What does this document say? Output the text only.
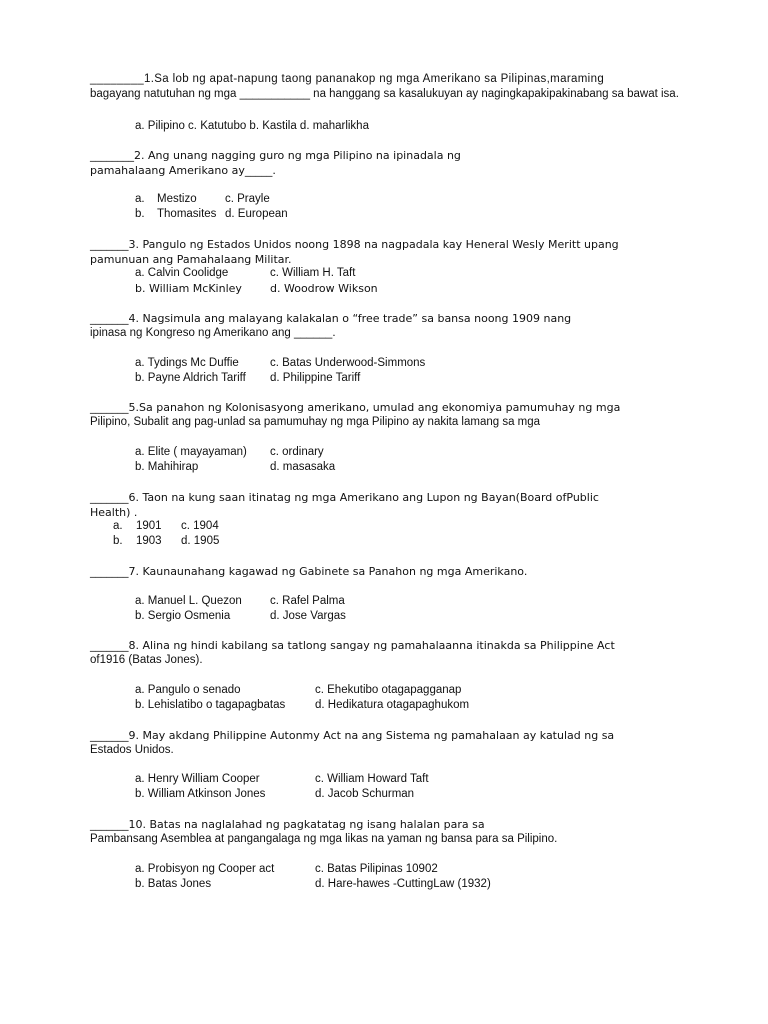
________1.Sa lob ng apat-napung taong pananakop ng mga Amerikano sa Pilipinas,maraming
bagayang natutuhan ng mga ___________ na hanggang sa kasalukuyan ay nagingkapakipakinabang sa bawat isa.
a. Pilipino c. Katutubo b. Kastila d. maharlikha
________2. Ang unang nagging guro ng mga Pilipino na ipinadala ng
pamahalaang Amerikano ay_____.
a.	Mestizo	c. Prayle
b.	Thomasites d. European
_______3. Pangulo ng Estados Unidos noong 1898 na nagpadala kay Heneral Wesly Meritt upang
pamunuan ang Pamahalaang Militar.
a. Calvin Coolidge	c. William H. Taft
b. William McKinley	d. Woodrow Wikson
_______4. Nagsimula ang malayang kalakalan o “free trade” sa bansa noong 1909 nang
ipinasa ng Kongreso ng Amerikano ang ______.
a. Tydings Mc Duffie	c. Batas Underwood-Simmons
b. Payne Aldrich Tariff	d. Philippine Tariff
_______5.Sa panahon ng Kolonisasyong amerikano, umulad ang ekonomiya pamumuhay ng mga
Pilipino, Subalit ang pag-unlad sa pamumuhay ng mga Pilipino ay nakita lamang sa mga
a. Elite ( mayayaman)	c. ordinary
b. Mahihirap	d. masasaka
_______6. Taon na kung saan itinatag ng mga Amerikano ang Lupon ng Bayan(Board ofPublic
Health) .
a.	1901	c. 1904
b.	1903	d. 1905
_______7. Kaunaunahang kagawad ng Gabinete sa Panahon ng mga Amerikano.
a. Manuel L. Quezon	c. Rafel Palma
b. Sergio Osmenia	d. Jose Vargas
_______8. Alina ng hindi kabilang sa tatlong sangay ng pamahalaanna itinakda sa Philippine Act
of1916 (Batas Jones).
a. Pangulo o senado	c. Ehekutibo otagapagganap
b. Lehislatibo o tagapagbatas	d. Hedikatura otagapaghukom
_______9. May akdang Philippine Autonmy Act na ang Sistema ng pamahalaan ay katulad ng sa
Estados Unidos.
a. Henry William Cooper	c. William Howard Taft
b. William Atkinson Jones	d. Jacob Schurman
_______10. Batas na naglalahad ng pagkatatag ng isang halalan para sa
Pambansang Asemblea at pangangalaga ng mga likas na yaman ng bansa para sa Pilipino.
a. Probisyon ng Cooper act	c. Batas Pilipinas 10902
b. Batas Jones	d. Hare-hawes -CuttingLaw (1932)
